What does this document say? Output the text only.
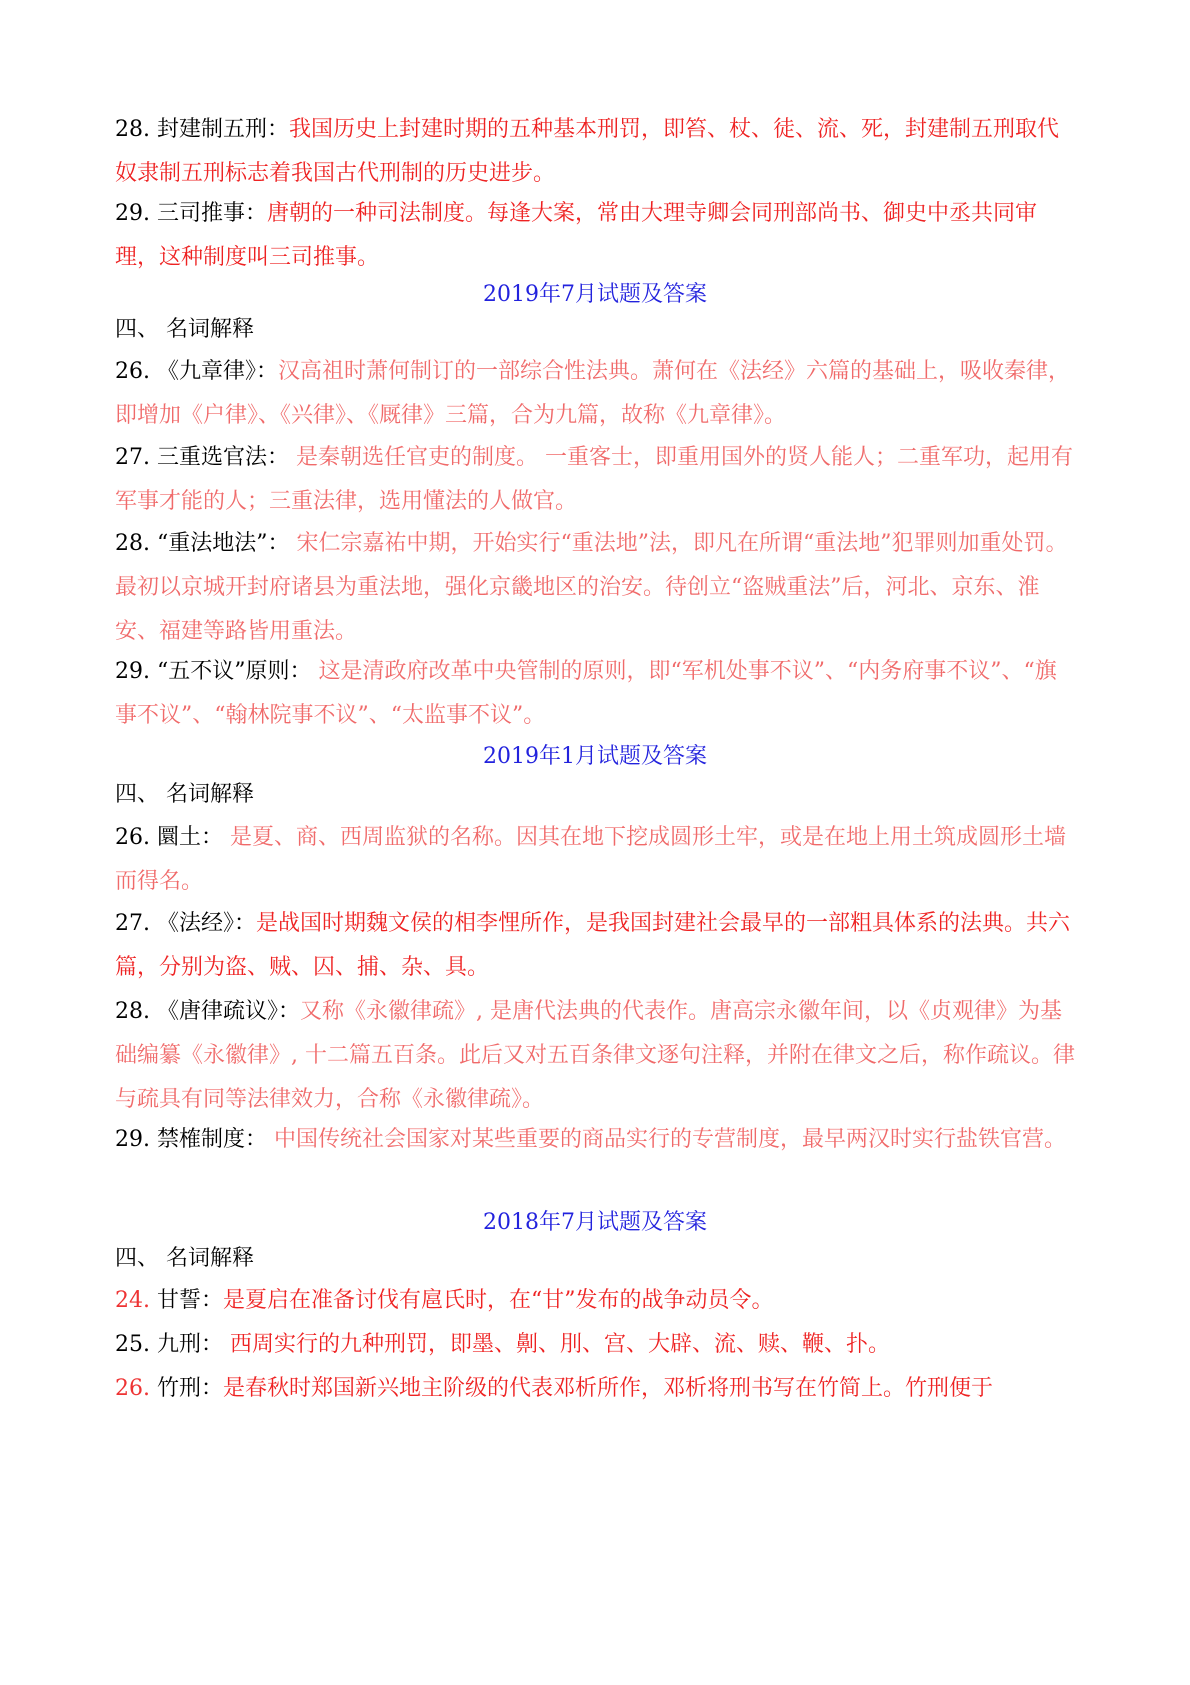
28. 封建制五刑：我国历史上封建时期的五种基本刑罚，即笞、杖、徒、流、死，封建制五刑取代奴隶制五刑标志着我国古代刑制的历史进步。
29. 三司推事：唐朝的一种司法制度。每逢大案，常由大理寺卿会同刑部尚书、御史中丞共同审理，这种制度叫三司推事。
2019年7月试题及答案
四、 名词解释
26. 《九章律》：汉高祖时萧何制订的一部综合性法典。萧何在《法经》六篇的基础上，吸收秦律，即增加《户律》、《兴律》、《厩律》三篇，合为九篇，故称《九章律》。
27. 三重选官法： 是秦朝选任官吏的制度。 一重客士，即重用国外的贤人能人；二重军功，起用有军事才能的人；三重法律，选用懂法的人做官。
28. “重法地法”： 宋仁宗嘉祐中期，开始实行“重法地”法，即凡在所谓“重法地”犯罪则加重处罚。最初以京城开封府诸县为重法地，强化京畿地区的治安。待创立“盗贼重法”后，河北、京东、淮安、福建等路皆用重法。
29. “五不议”原则： 这是清政府改革中央管制的原则，即“军机处事不议”、“内务府事不议”、“旗事不议”、“翰林院事不议”、“太监事不议”。
2019年1月试题及答案
四、 名词解释
26. 圜土： 是夏、商、西周监狱的名称。因其在地下挖成圆形土牢，或是在地上用土筑成圆形土墙而得名。
27. 《法经》：是战国时期魏文侯的相李悝所作，是我国封建社会最早的一部粗具体系的法典。共六篇，分别为盗、贼、囚、捕、杂、具。
28. 《唐律疏议》：又称《永徽律疏》, 是唐代法典的代表作。唐高宗永徽年间，以《贞观律》为基础编纂《永徽律》, 十二篇五百条。此后又对五百条律文逐句注释，并附在律文之后，称作疏议。律与疏具有同等法律效力，合称《永徽律疏》。
29. 禁榷制度： 中国传统社会国家对某些重要的商品实行的专营制度，最早两汉时实行盐铁官营。
2018年7月试题及答案
四、 名词解释
24. 甘誓：是夏启在准备讨伐有扈氏时，在“甘”发布的战争动员令。
25. 九刑： 西周实行的九种刑罚，即墨、劓、刖、宫、大辟、流、赎、鞭、扑。
26. 竹刑：是春秋时郑国新兴地主阶级的代表邓析所作，邓析将刑书写在竹简上。竹刑便于
